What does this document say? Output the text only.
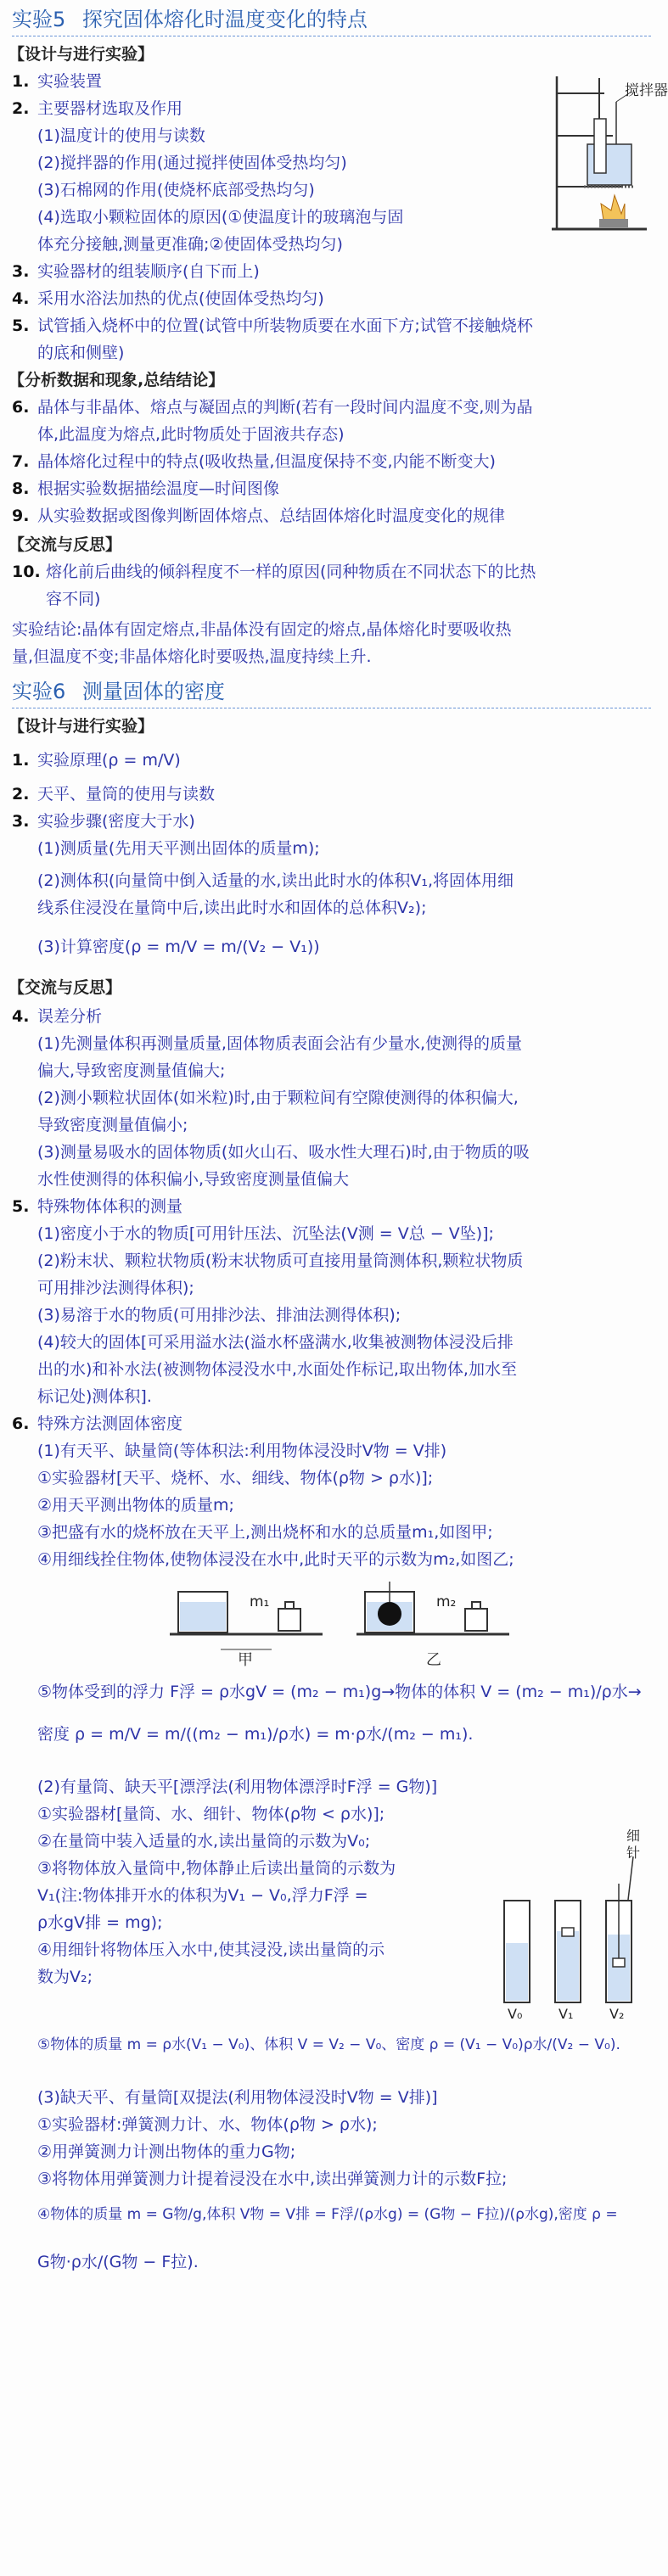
实验5 探究固体熔化时温度变化的特点
【设计与进行实验】
1. 实验装置
2. 主要器材选取及作用
(1)温度计的使用与读数
(2)搅拌器的作用(通过搅拌使固体受热均匀)
(3)石棉网的作用(使烧杯底部受热均匀)
(4)选取小颗粒固体的原因(①使温度计的玻璃泡与固
体充分接触,测量更准确;②使固体受热均匀)
3. 实验器材的组装顺序(自下而上)
4. 采用水浴法加热的优点(使固体受热均匀)
5. 试管插入烧杯中的位置(试管中所装物质要在水面下方;试管不接触烧杯
的底和侧壁)
搅拌器
【分析数据和现象,总结结论】
6. 晶体与非晶体、熔点与凝固点的判断(若有一段时间内温度不变,则为晶
体,此温度为熔点,此时物质处于固液共存态)
7. 晶体熔化过程中的特点(吸收热量,但温度保持不变,内能不断变大)
8. 根据实验数据描绘温度—时间图像
9. 从实验数据或图像判断固体熔点、总结固体熔化时温度变化的规律
【交流与反思】
10. 熔化前后曲线的倾斜程度不一样的原因(同种物质在不同状态下的比热
容不同)
实验结论:晶体有固定熔点,非晶体没有固定的熔点,晶体熔化时要吸收热
量,但温度不变;非晶体熔化时要吸热,温度持续上升.
实验6 测量固体的密度
【设计与进行实验】
1. 实验原理(ρ = m/V)
2. 天平、量筒的使用与读数
3. 实验步骤(密度大于水)
(1)测质量(先用天平测出固体的质量m);
(2)测体积(向量筒中倒入适量的水,读出此时水的体积V₁,将固体用细
线系住浸没在量筒中后,读出此时水和固体的总体积V₂);
(3)计算密度(ρ = m/V = m/(V₂ − V₁))
【交流与反思】
4. 误差分析
(1)先测量体积再测量质量,固体物质表面会沾有少量水,使测得的质量
偏大,导致密度测量值偏大;
(2)测小颗粒状固体(如米粒)时,由于颗粒间有空隙使测得的体积偏大,
导致密度测量值偏小;
(3)测量易吸水的固体物质(如火山石、吸水性大理石)时,由于物质的吸
水性使测得的体积偏小,导致密度测量值偏大
5. 特殊物体体积的测量
(1)密度小于水的物质[可用针压法、沉坠法(V测 = V总 − V坠)];
(2)粉末状、颗粒状物质(粉末状物质可直接用量筒测体积,颗粒状物质
可用排沙法测得体积);
(3)易溶于水的物质(可用排沙法、排油法测得体积);
(4)较大的固体[可采用溢水法(溢水杯盛满水,收集被测物体浸没后排
出的水)和补水法(被测物体浸没水中,水面处作标记,取出物体,加水至
标记处)测体积].
6. 特殊方法测固体密度
(1)有天平、缺量筒(等体积法:利用物体浸没时V物 = V排)
①实验器材[天平、烧杯、水、细线、物体(ρ物 > ρ水)];
②用天平测出物体的质量m;
③把盛有水的烧杯放在天平上,测出烧杯和水的总质量m₁,如图甲;
④用细线拴住物体,使物体浸没在水中,此时天平的示数为m₂,如图乙;
m₁
甲
m₂
乙
⑤物体受到的浮力 F浮 = ρ水gV = (m₂ − m₁)g→物体的体积 V = (m₂ − m₁)/ρ水→
密度 ρ = m/V = m/((m₂ − m₁)/ρ水) = m·ρ水/(m₂ − m₁).
(2)有量筒、缺天平[漂浮法(利用物体漂浮时F浮 = G物)]
①实验器材[量筒、水、细针、物体(ρ物 < ρ水)];
②在量筒中装入适量的水,读出量筒的示数为V₀;
③将物体放入量筒中,物体静止后读出量筒的示数为
V₁(注:物体排开水的体积为V₁ − V₀,浮力F浮 =
ρ水gV排 = mg);
④用细针将物体压入水中,使其浸没,读出量筒的示
数为V₂;
细针
V₀	V₁	V₂
⑤物体的质量 m = ρ水(V₁ − V₀)、体积 V = V₂ − V₀、密度 ρ = (V₁ − V₀)ρ水/(V₂ − V₀).
(3)缺天平、有量筒[双提法(利用物体浸没时V物 = V排)]
①实验器材:弹簧测力计、水、物体(ρ物 > ρ水);
②用弹簧测力计测出物体的重力G物;
③将物体用弹簧测力计提着浸没在水中,读出弹簧测力计的示数F拉;
④物体的质量 m = G物/g,体积 V物 = V排 = F浮/(ρ水g) = (G物 − F拉)/(ρ水g),密度 ρ =
G物·ρ水/(G物 − F拉).
